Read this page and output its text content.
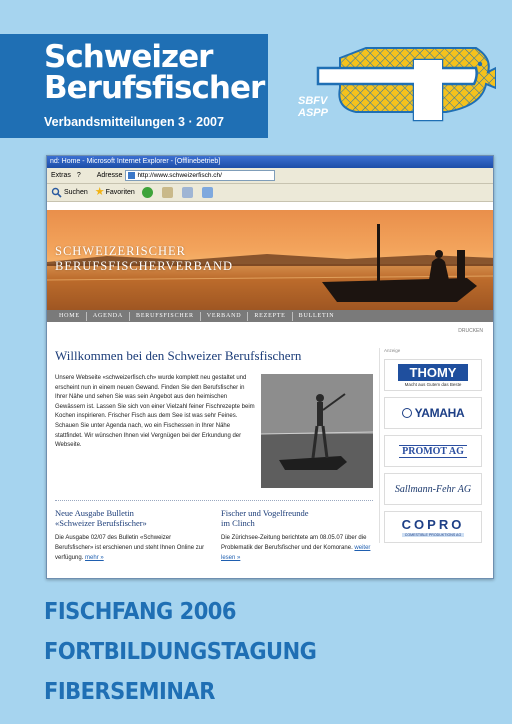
Schweizer
Berufsfischer
Verbandsmitteilungen 3 · 2007
SBFV
ASPP
nd: Home - Microsoft Internet Explorer - [Offlinebetrieb]
Extras ? Adresse http://www.schweizerfisch.ch/
Suchen ★ Favoriten
SCHWEIZERISCHER
BERUFSFISCHERVERBAND
HOME	AGENDA	BERUFSFISCHER	VERBAND	REZEPTE	BULLETIN
DRUCKEN
Willkommen bei den Schweizer Berufsfischern
Unsere Webseite «schweizerfisch.ch» wurde komplett neu gestaltet und erscheint nun in einem neuen Gewand. Finden Sie den Berufsfischer in Ihrer Nähe und sehen Sie was sein Angebot aus den heimischen Gewässern ist. Lassen Sie sich von einer Vielzahl feiner Fischrezepte beim Kochen inspirieren. Frischer Fisch aus dem See ist was sehr Feines. Schauen Sie unter Agenda nach, wo ein Fischessen in Ihrer Nähe stattfindet. Wir wünschen Ihnen viel Vergnügen bei der Erkundung der Webseite.
Neue Ausgabe Bulletin
«Schweizer Berufsfischer»
Die Ausgabe 02/07 des Bulletin «Schweizer Berufsfischer» ist erschienen und steht Ihnen Online zur verfügung. mehr »
Fischer und Vogelfreunde
im Clinch
Die Zürichsee-Zeitung berichtete am 08.05.07 über die Problematik der Berufsfischer und der Komorane. weiter lesen »
Anzeige
THOMY
Macht aus Gutem das Beste
YAMAHA
PROMOT AG
Sallmann-Fehr AG
COPRO
COMESTIBLE PRODUKTIONS AG
FISCHFANG 2006
FORTBILDUNGSTAGUNG
FIBERSEMINAR
